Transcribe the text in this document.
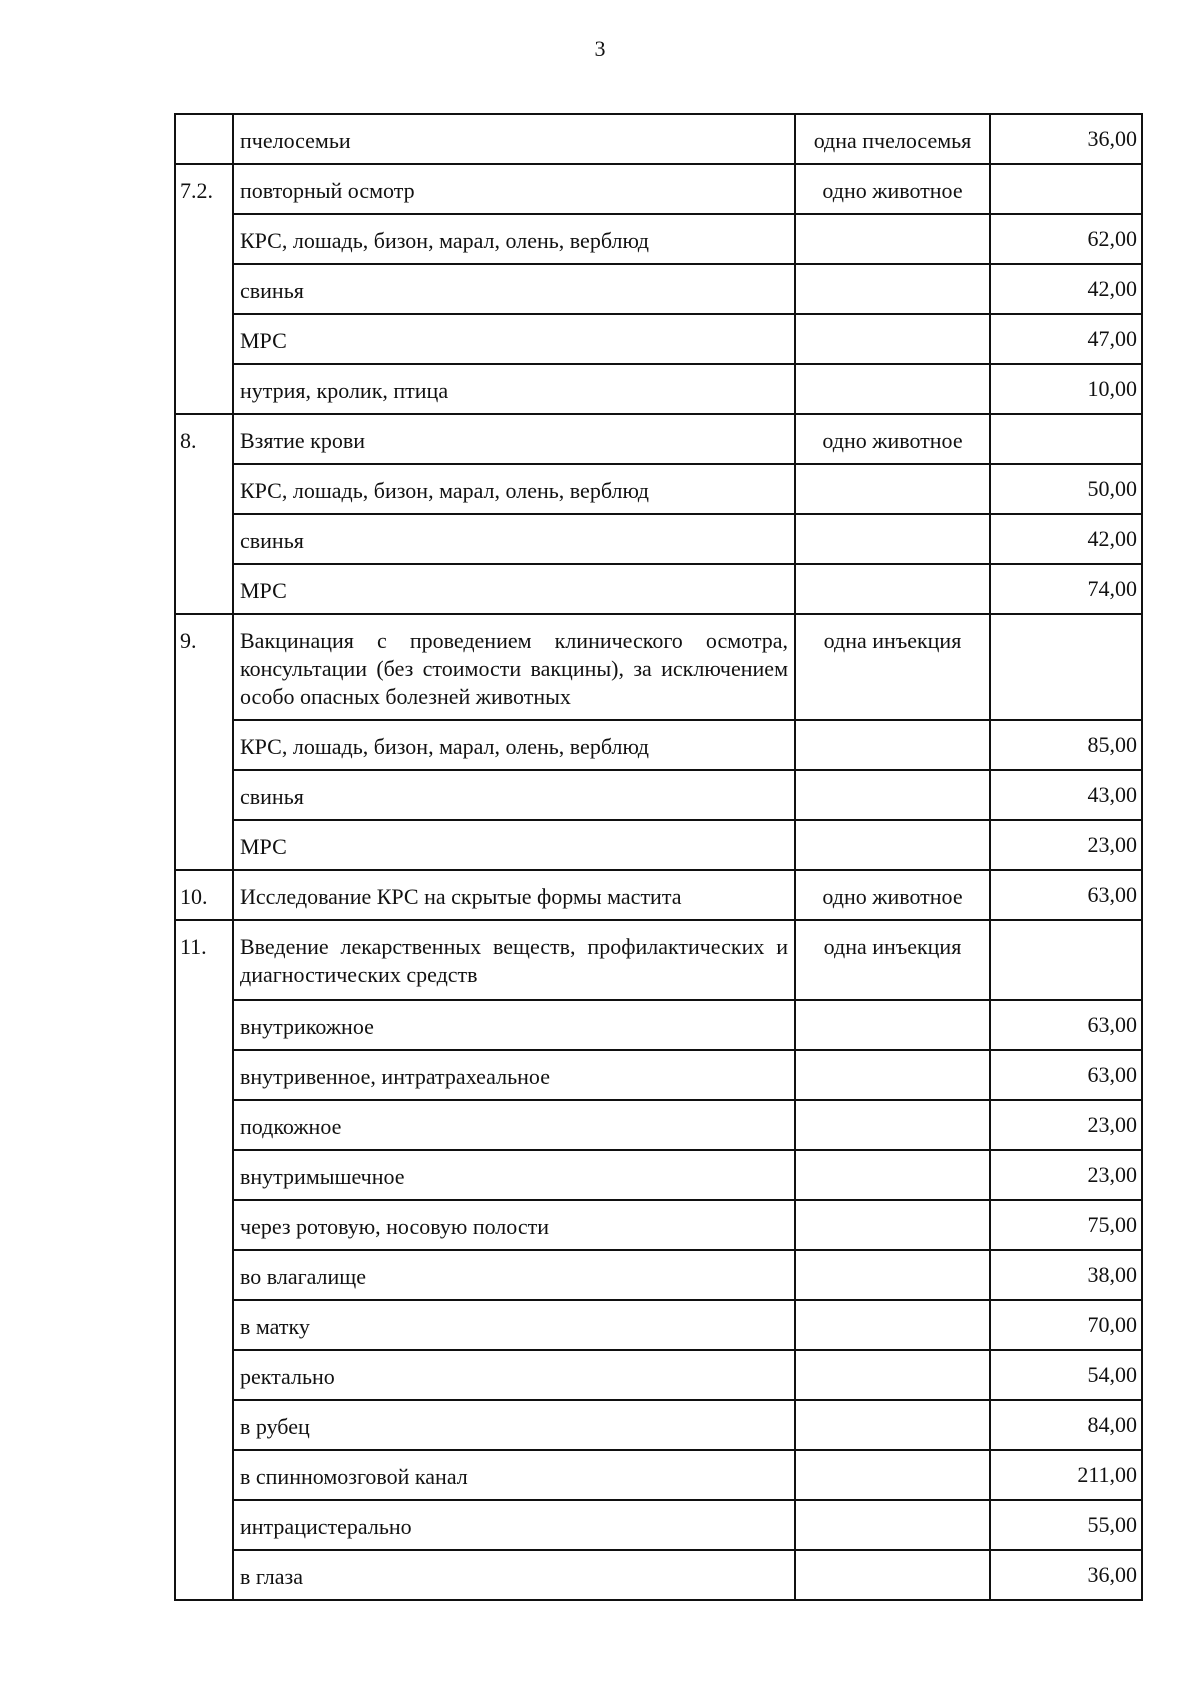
3
	пчелосемьи	одна пчелосемья	36,00
7.2.	повторный осмотр	одно животное	
	КРС, лошадь, бизон, марал, олень, верблюд		62,00
	свинья		42,00
	МРС		47,00
	нутрия, кролик, птица		10,00
8.	Взятие крови	одно животное	
	КРС, лошадь, бизон, марал, олень, верблюд		50,00
	свинья		42,00
	МРС		74,00
9.	Вакцинация с проведением клинического осмотра, консультации (без стоимости вакцины), за исключением особо опасных болезней животных	одна инъекция	
	КРС, лошадь, бизон, марал, олень, верблюд		85,00
	свинья		43,00
	МРС		23,00
10.	Исследование КРС на скрытые формы мастита	одно животное	63,00
11.	Введение лекарственных веществ, профилактических и диагностических средств	одна инъекция	
	внутрикожное		63,00
	внутривенное, интратрахеальное		63,00
	подкожное		23,00
	внутримышечное		23,00
	через ротовую, носовую полости		75,00
	во влагалище		38,00
	в матку		70,00
	ректально		54,00
	в рубец		84,00
	в спинномозговой канал		211,00
	интрацистерально		55,00
	в глаза		36,00
